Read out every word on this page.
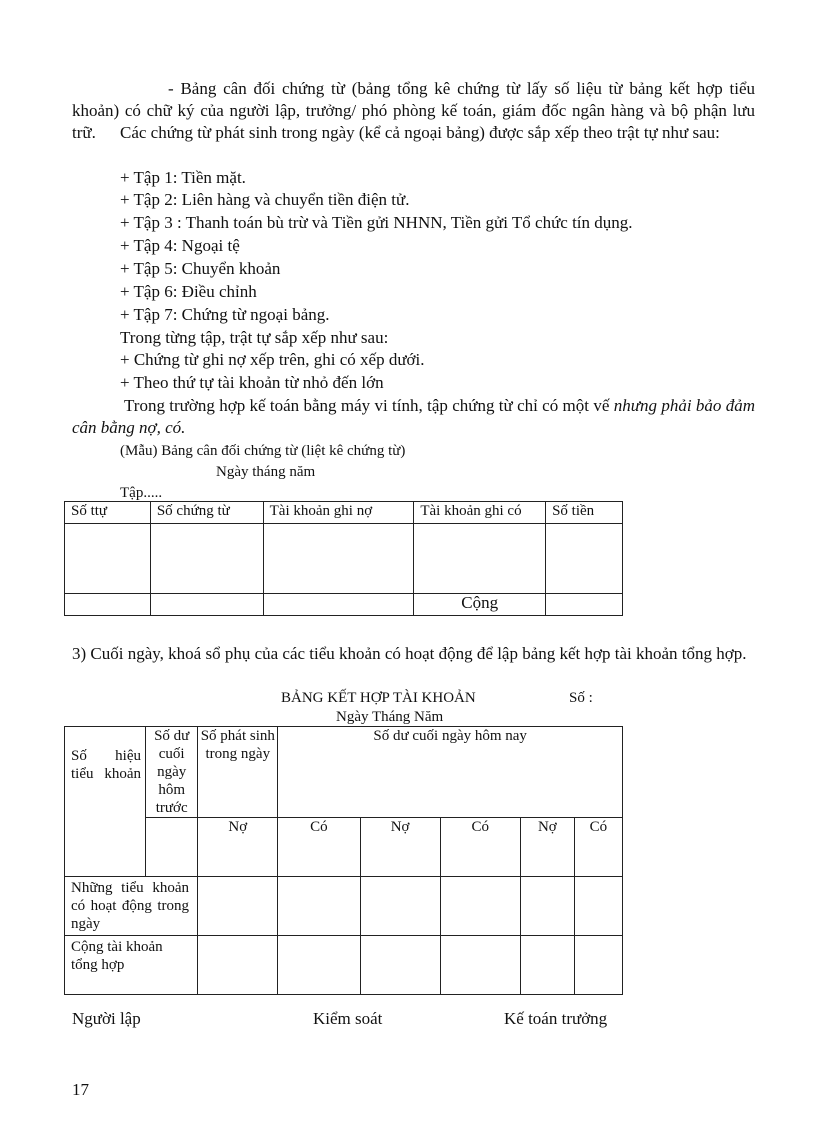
- Bảng cân đối chứng từ (bảng tổng kê chứng từ lấy số liệu từ bảng kết hợp tiểu khoản) có chữ ký của người lập, trưởng/ phó phòng kế toán, giám đốc ngân hàng và bộ phận lưu trữ.	Các chứng từ phát sinh trong ngày (kể cả ngoại bảng) được sắp xếp theo trật tự như sau:

+ Tập 1: Tiền mặt.
+ Tập 2: Liên hàng và chuyển tiền điện tử.
+ Tập 3 : Thanh toán bù trừ và Tiền gửi NHNN, Tiền gửi Tổ chức tín dụng.
+ Tập 4: Ngoại tệ
+ Tập 5: Chuyển khoản
+ Tập 6: Điều chỉnh
+ Tập 7: Chứng từ ngoại bảng.
Trong từng tập, trật tự sắp xếp như sau:
+ Chứng từ ghi nợ xếp trên, ghi có xếp dưới.
+ Theo thứ tự tài khoản từ nhỏ đến lớn

Trong trường hợp kế toán bằng máy vi tính, tập chứng từ chỉ có một vế nhưng phải bảo đảm cân bằng nợ, có.

(Mẫu) Bảng cân đối chứng từ (liệt kê chứng từ)
Ngày tháng năm
Tập.....
Số ttự	Số chứng từ	Tài khoản ghi nợ	Tài khoản ghi có	Số tiền

			Cộng	

3) Cuối ngày, khoá sổ phụ của các tiểu khoản có hoạt động để lập bảng kết hợp tài khoản tổng hợp.

BẢNG KẾT HỢP TÀI KHOẢN	Số :
Ngày Tháng Năm
Số hiệu tiểu khoản	Số dư cuối ngày hôm trước	Số phát sinh trong ngày	Số dư cuối ngày hôm nay				
		Nợ	Có	Nợ	Có	Nợ	Có

Những tiểu khoản có hoạt động trong ngày							

Cộng tài khoản tổng hợp							

Người lập	Kiểm soát	Kế toán trưởng
17
